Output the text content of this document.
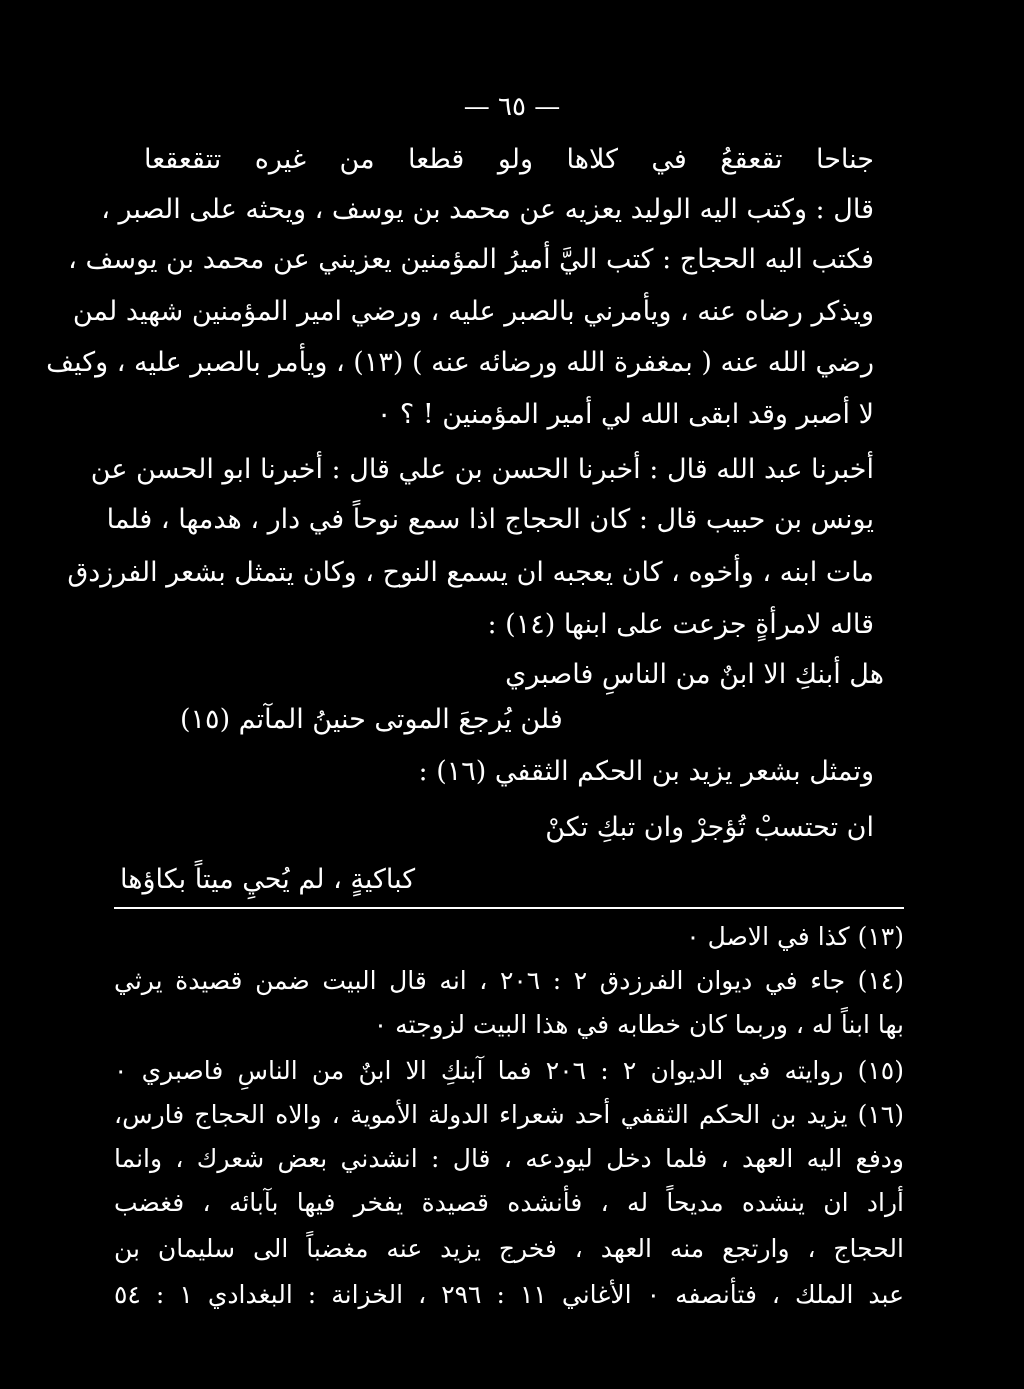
— ٦٥ —
جناحا تقعقعُ في كلاها ولو قطعا من غيره تتقعقعا
قال : وكتب اليه الوليد يعزيه عن محمد بن يوسف ، ويحثه على الصبر ،
فكتب اليه الحجاج : كتب اليَّ أميرُ المؤمنين يعزيني عن محمد بن يوسف ،
ويذكر رضاه عنه ، ويأمرني بالصبر عليه ، ورضي امير المؤمنين شهيد لمن
رضي الله عنه ( بمغفرة الله ورضائه عنه ) (١٣) ، ويأمر بالصبر عليه ، وكيف
لا أصبر وقد ابقى الله لي أمير المؤمنين ! ؟ ٠
أخبرنا عبد الله قال : أخبرنا الحسن بن علي قال : أخبرنا ابو الحسن عن
يونس بن حبيب قال : كان الحجاج اذا سمع نوحاً في دار ، هدمها ، فلما
مات ابنه ، وأخوه ، كان يعجبه ان يسمع النوح ، وكان يتمثل بشعر الفرزدق
قاله لامرأةٍ جزعت على ابنها (١٤) :
هل أبنكِ الا ابنٌ من الناسِ فاصبري
فلن يُرجعَ الموتى حنينُ المآتم (١٥)
وتمثل بشعر يزيد بن الحكم الثقفي (١٦) :
ان تحتسبْ تُؤجرْ وان تبكِ تكنْ
كباكيةٍ ، لم يُحيِ ميتاً بكاؤها
(١٣) كذا في الاصل ٠
(١٤) جاء في ديوان الفرزدق ٢ : ٢٠٦ ، انه قال البيت ضمن قصيدة يرثي
بها ابناً له ، وربما كان خطابه في هذا البيت لزوجته ٠
(١٥) روايته في الديوان ٢ : ٢٠٦ فما آبنكِ الا ابنٌ من الناسِ فاصبري ٠
(١٦) يزيد بن الحكم الثقفي أحد شعراء الدولة الأموية ، والاه الحجاج فارس،
ودفع اليه العهد ، فلما دخل ليودعه ، قال : انشدني بعض شعرك ، وانما
أراد ان ينشده مديحاً له ، فأنشده قصيدة يفخر فيها بآبائه ، فغضب
الحجاج ، وارتجع منه العهد ، فخرج يزيد عنه مغضباً الى سليمان بن
عبد الملك ، فتأنصفه ٠ الأغاني ١١ : ٢٩٦ ، الخزانة : البغدادي ١ : ٥٤
